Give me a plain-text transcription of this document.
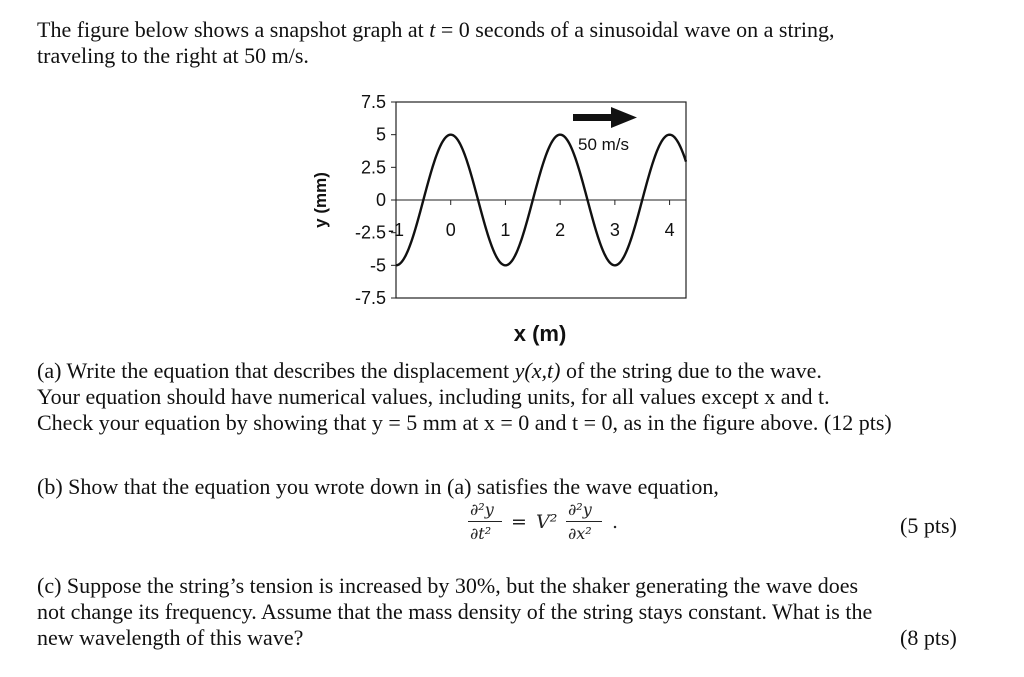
The figure below shows a snapshot graph at t = 0 seconds of a sinusoidal wave on a string,
traveling to the right at 50 m/s.
7.5
5
2.5
0
-2.5
-5
-7.5
-1 0 1 2 3 4
50 m/s
y (mm)
x (m)
(a) Write the equation that describes the displacement y(x,t) of the string due to the wave.
Your equation should have numerical values, including units, for all values except x and t.
Check your equation by showing that y = 5 mm at x = 0 and t = 0, as in the figure above. (12 pts)
(b) Show that the equation you wrote down in (a) satisfies the wave equation,
∂²y
∂t²
= V²
∂²y
∂x²
.	(5 pts)
(c) Suppose the string’s tension is increased by 30%, but the shaker generating the wave does
not change its frequency. Assume that the mass density of the string stays constant. What is the
new wavelength of this wave?	(8 pts)
